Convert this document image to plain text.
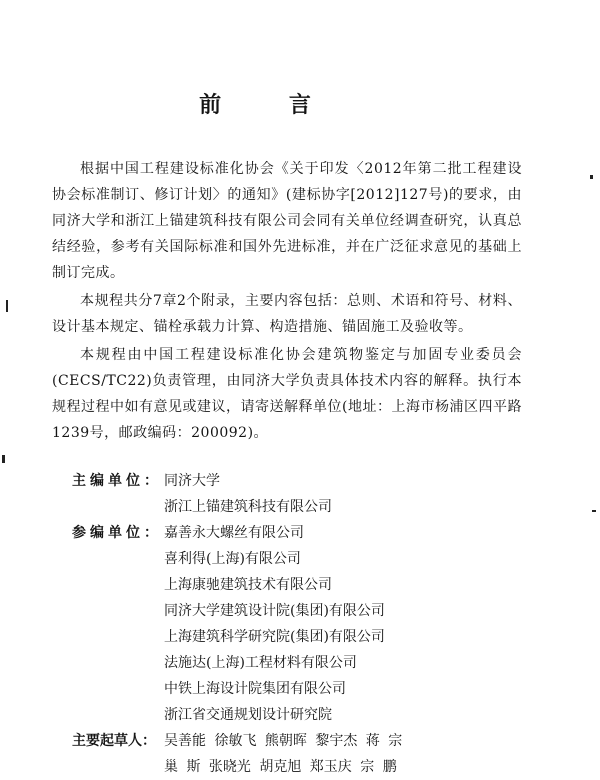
前 言

根据中国工程建设标准化协会《关于印发〈2012年第二批工程建设协会标准制订、修订计划〉的通知》(建标协字[2012]127号)的要求，由同济大学和浙江上锚建筑科技有限公司会同有关单位经调查研究，认真总结经验，参考有关国际标准和国外先进标准，并在广泛征求意见的基础上制订完成。

本规程共分7章2个附录，主要内容包括：总则、术语和符号、材料、设计基本规定、锚栓承载力计算、构造措施、锚固施工及验收等。

本规程由中国工程建设标准化协会建筑物鉴定与加固专业委员会(CECS/TC22)负责管理，由同济大学负责具体技术内容的解释。执行本规程过程中如有意见或建议，请寄送解释单位(地址：上海市杨浦区四平路1239号，邮政编码：200092)。

主编单位： 同济大学
浙江上锚建筑科技有限公司
参编单位： 嘉善永大螺丝有限公司
喜利得(上海)有限公司
上海康驰建筑技术有限公司
同济大学建筑设计院(集团)有限公司
上海建筑科学研究院(集团)有限公司
法施达(上海)工程材料有限公司
中铁上海设计院集团有限公司
浙江省交通规划设计研究院
主要起草人： 吴善能 徐敏飞 熊朝晖 黎宇杰 蒋 宗
巢 斯 张晓光 胡克旭 郑玉庆 宗 鹏
